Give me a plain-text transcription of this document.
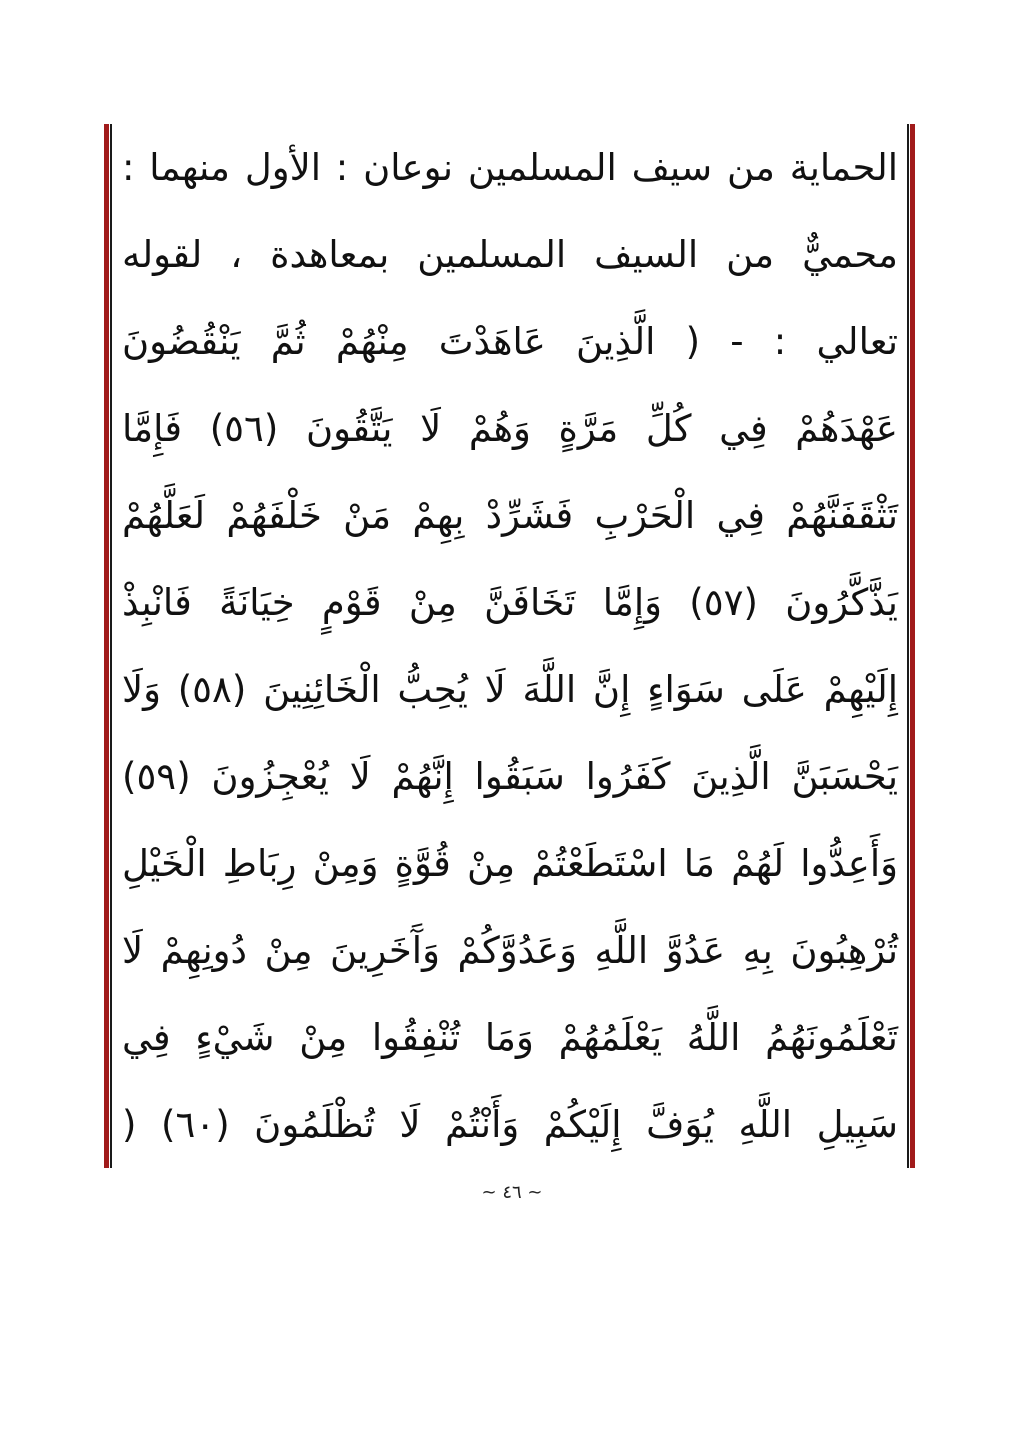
الحماية من سيف المسلمين نوعان : الأول منهما :
محميٌّ من السيف المسلمين بمعاهدة ، لقوله
تعالي : - ( الَّذِينَ عَاهَدْتَ مِنْهُمْ ثُمَّ يَنْقُضُونَ
عَهْدَهُمْ فِي كُلِّ مَرَّةٍ وَهُمْ لَا يَتَّقُونَ (٥٦) فَإِمَّا
تَثْقَفَنَّهُمْ فِي الْحَرْبِ فَشَرِّدْ بِهِمْ مَنْ خَلْفَهُمْ لَعَلَّهُمْ
يَذَّكَّرُونَ (٥٧) وَإِمَّا تَخَافَنَّ مِنْ قَوْمٍ خِيَانَةً فَانْبِذْ
إِلَيْهِمْ عَلَى سَوَاءٍ إِنَّ اللَّهَ لَا يُحِبُّ الْخَائِنِينَ (٥٨) وَلَا
يَحْسَبَنَّ الَّذِينَ كَفَرُوا سَبَقُوا إِنَّهُمْ لَا يُعْجِزُونَ (٥٩)
وَأَعِدُّوا لَهُمْ مَا اسْتَطَعْتُمْ مِنْ قُوَّةٍ وَمِنْ رِبَاطِ الْخَيْلِ
تُرْهِبُونَ بِهِ عَدُوَّ اللَّهِ وَعَدُوَّكُمْ وَآَخَرِينَ مِنْ دُونِهِمْ لَا
تَعْلَمُونَهُمُ اللَّهُ يَعْلَمُهُمْ وَمَا تُنْفِقُوا مِنْ شَيْءٍ فِي
سَبِيلِ اللَّهِ يُوَفَّ إِلَيْكُمْ وَأَنْتُمْ لَا تُظْلَمُونَ (٦٠) (
~ ٤٦ ~
